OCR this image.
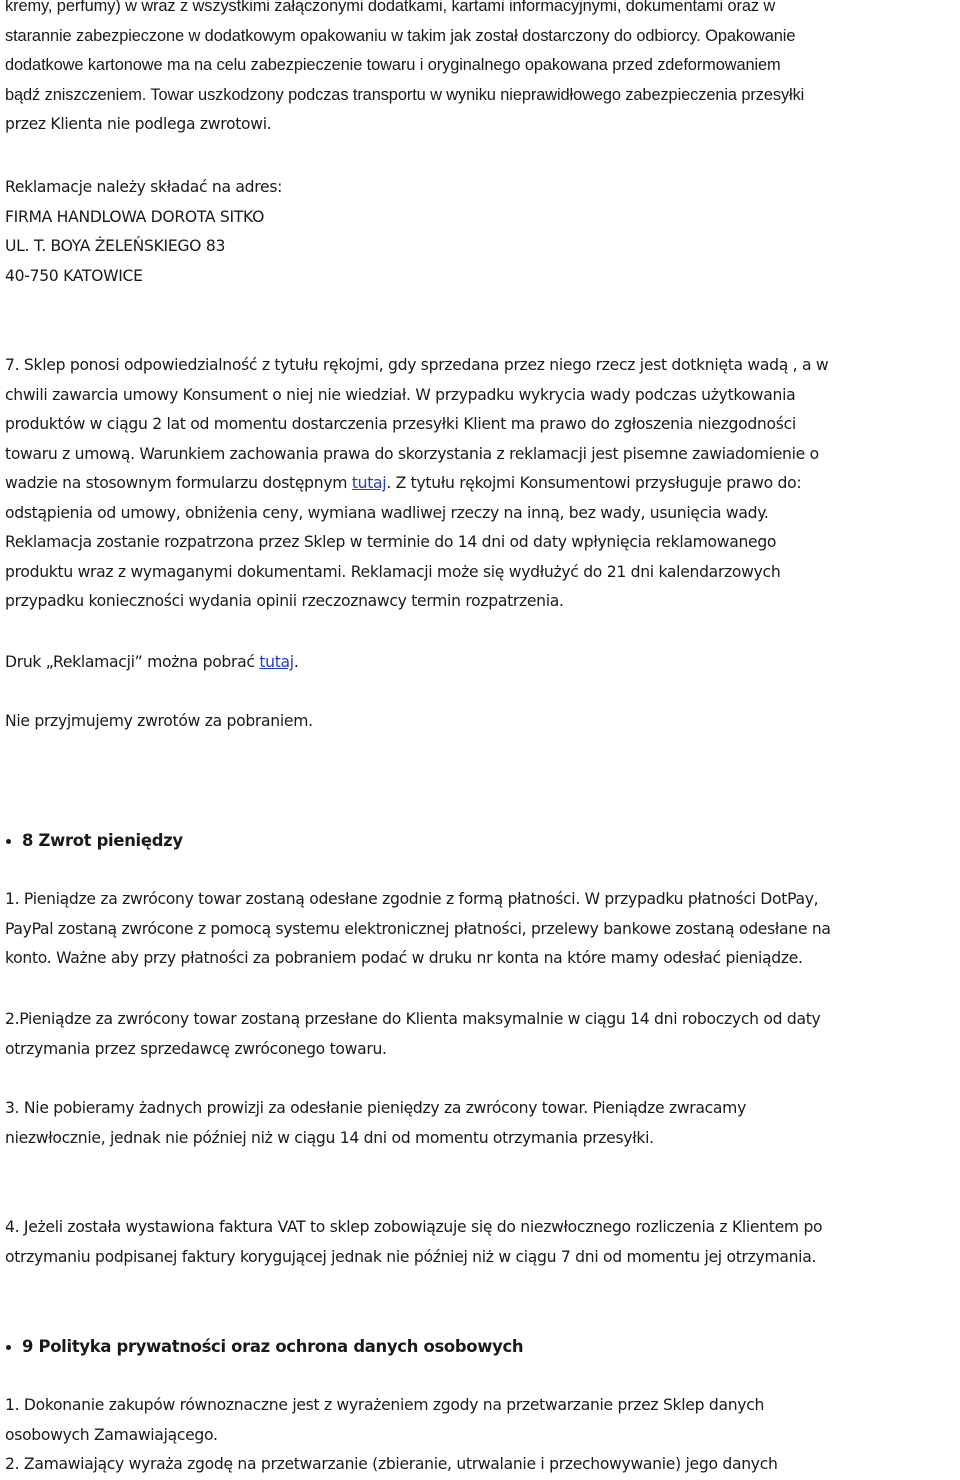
kremy, perfumy) w wraz z wszystkimi załączonymi dodatkami, kartami informacyjnymi, dokumentami oraz w

starannie zabezpieczone w dodatkowym opakowaniu w takim jak został dostarczony do odbiorcy. Opakowanie

dodatkowe kartonowe ma na celu zabezpieczenie towaru i oryginalnego opakowana przed zdeformowaniem

bądź zniszczeniem. Towar uszkodzony podczas transportu w wyniku nieprawidłowego zabezpieczenia przesyłki

przez Klienta nie podlega zwrotowi.

Reklamacje należy składać na adres:

FIRMA HANDLOWA DOROTA SITKO

UL. T. BOYA ŻELEŃSKIEGO 83

40-750 KATOWICE

7. Sklep ponosi odpowiedzialność z tytułu rękojmi, gdy sprzedana przez niego rzecz jest dotknięta wadą , a w

chwili zawarcia umowy Konsument o niej nie wiedział. W przypadku wykrycia wady podczas użytkowania

produktów w ciągu 2 lat od momentu dostarczenia przesyłki Klient ma prawo do zgłoszenia niezgodności

towaru z umową. Warunkiem zachowania prawa do skorzystania z reklamacji jest pisemne zawiadomienie o

wadzie na stosownym formularzu dostępnym tutaj. Z tytułu rękojmi Konsumentowi przysługuje prawo do:

odstąpienia od umowy, obniżenia ceny, wymiana wadliwej rzeczy na inną, bez wady, usunięcia wady.

Reklamacja zostanie rozpatrzona przez Sklep w terminie do 14 dni od daty wpłynięcia reklamowanego

produktu wraz z wymaganymi dokumentami. Reklamacji może się wydłużyć do 21 dni kalendarzowych

przypadku konieczności wydania opinii rzeczoznawcy termin rozpatrzenia.

Druk „Reklamacji” można pobrać tutaj.

Nie przyjmujemy zwrotów za pobraniem.

8 Zwrot pieniędzy

1. Pieniądze za zwrócony towar zostaną odesłane zgodnie z formą płatności. W przypadku płatności DotPay,

PayPal zostaną zwrócone z pomocą systemu elektronicznej płatności, przelewy bankowe zostaną odesłane na

konto. Ważne aby przy płatności za pobraniem podać w druku nr konta na które mamy odesłać pieniądze.

2.Pieniądze za zwrócony towar zostaną przesłane do Klienta maksymalnie w ciągu 14 dni roboczych od daty

otrzymania przez sprzedawcę zwróconego towaru.

3. Nie pobieramy żadnych prowizji za odesłanie pieniędzy za zwrócony towar. Pieniądze zwracamy

niezwłocznie, jednak nie później niż w ciągu 14 dni od momentu otrzymania przesyłki.

4. Jeżeli została wystawiona faktura VAT to sklep zobowiązuje się do niezwłocznego rozliczenia z Klientem po

otrzymaniu podpisanej faktury korygującej jednak nie później niż w ciągu 7 dni od momentu jej otrzymania.

9 Polityka prywatności oraz ochrona danych osobowych

1. Dokonanie zakupów równoznaczne jest z wyrażeniem zgody na przetwarzanie przez Sklep danych

osobowych Zamawiającego.

2. Zamawiający wyraża zgodę na przetwarzanie (zbieranie, utrwalanie i przechowywanie) jego danych
